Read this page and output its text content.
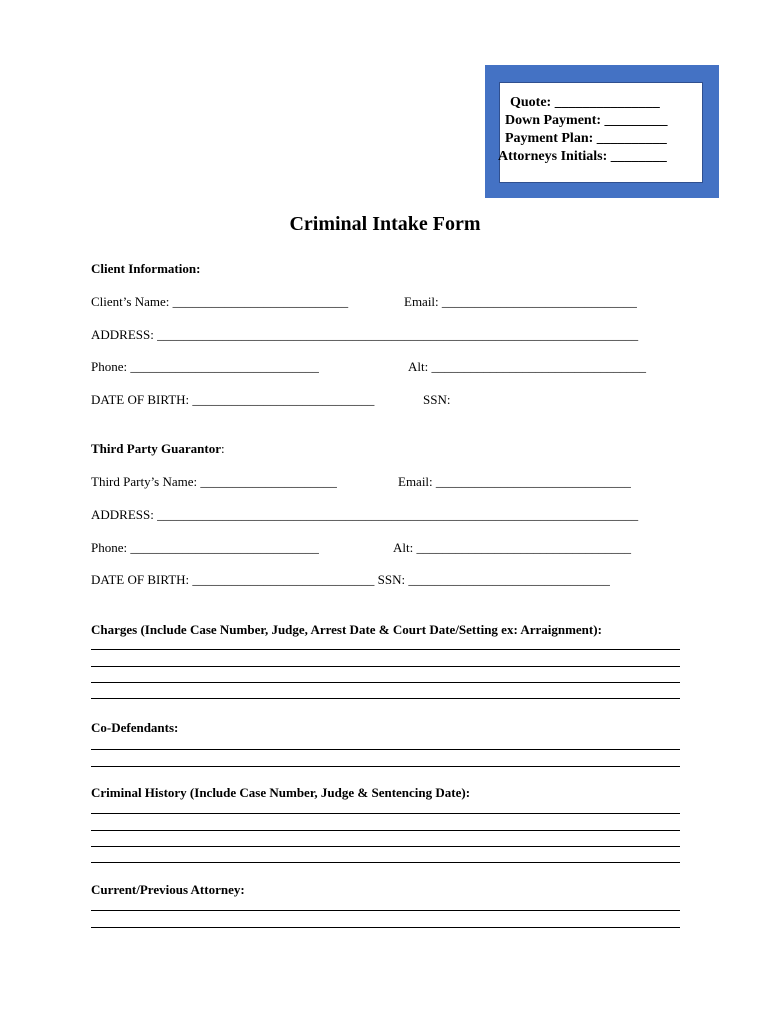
Quote: _______________
Down Payment: _________
Payment Plan: __________
Attorneys Initials: ________
Criminal Intake Form
Client Information:
Client’s Name: ___________________________	Email: ______________________________
ADDRESS: __________________________________________________________________________
Phone: _____________________________	Alt: _________________________________
DATE OF BIRTH: ____________________________	SSN:
Third Party Guarantor:
Third Party’s Name: _____________________	Email: ______________________________
ADDRESS: __________________________________________________________________________
Phone: _____________________________	Alt: _________________________________
DATE OF BIRTH: ____________________________ SSN: _______________________________
Charges (Include Case Number, Judge, Arrest Date & Court Date/Setting ex: Arraignment):
Co-Defendants:
Criminal History (Include Case Number, Judge & Sentencing Date):
Current/Previous Attorney:
